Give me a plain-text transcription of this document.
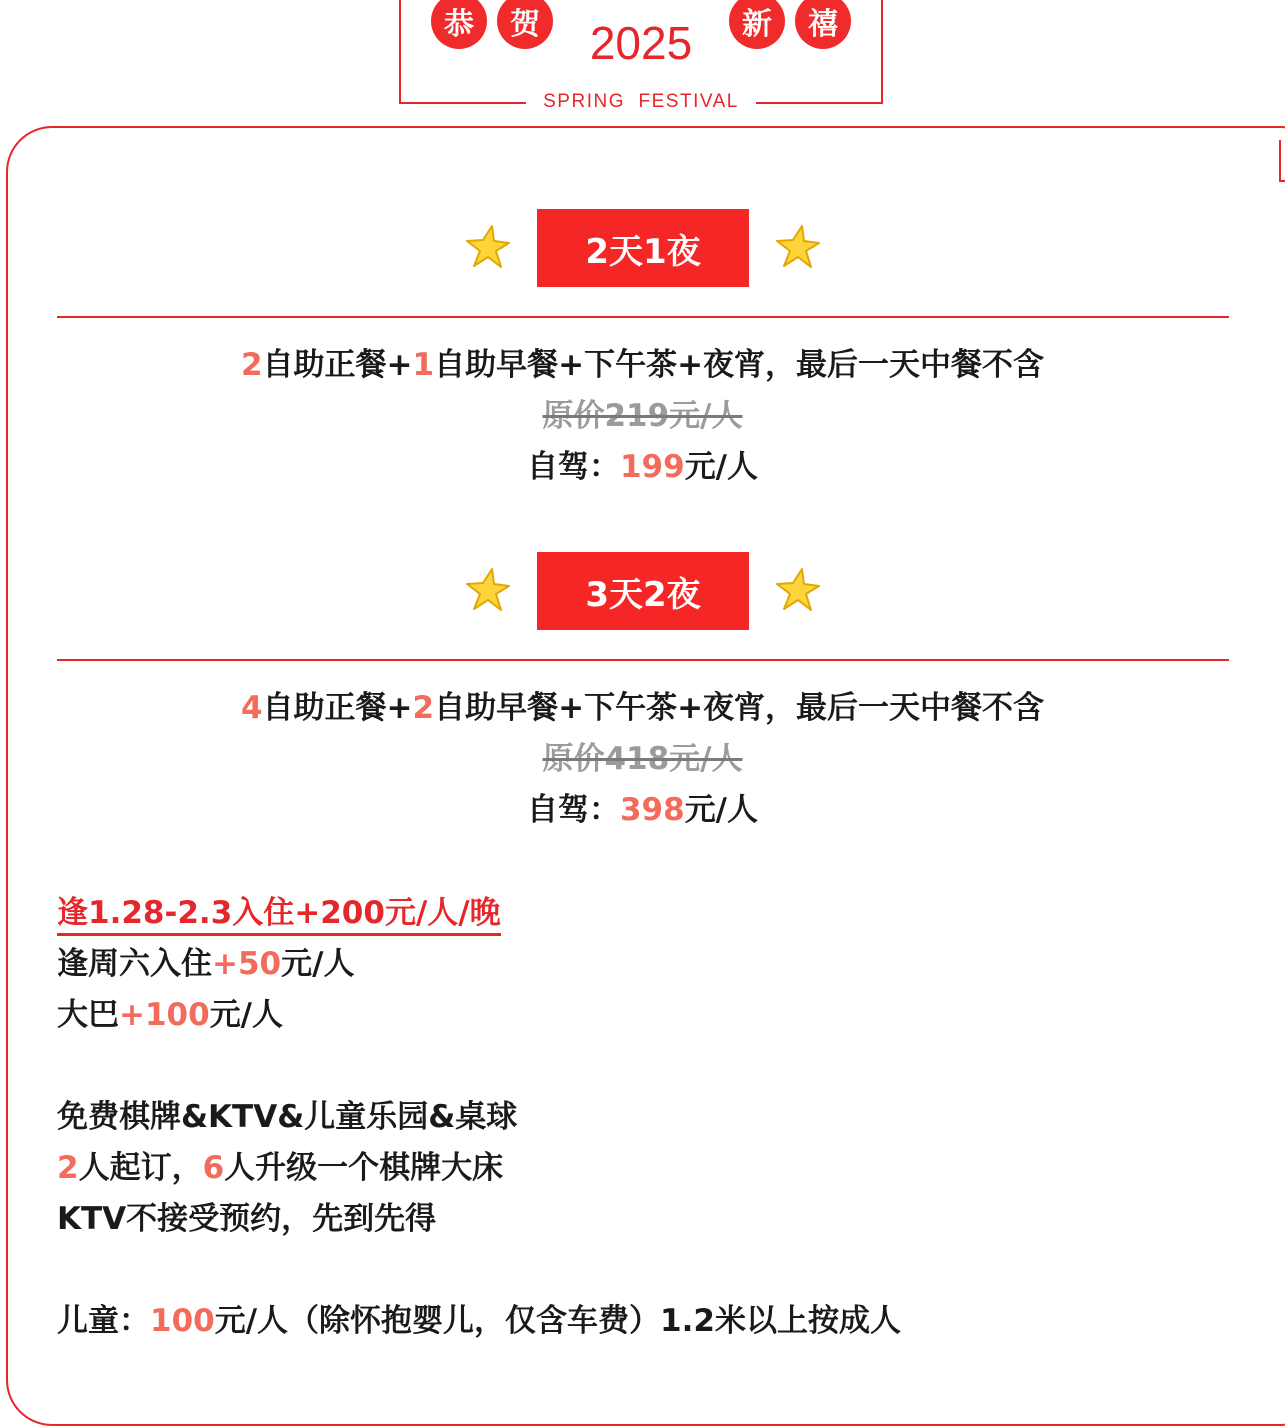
恭	贺	新	禧
2025
SPRING  FESTIVAL
2天1夜
2自助正餐+1自助早餐+下午茶+夜宵，最后一天中餐不含
原价219元/人
自驾：199元/人
3天2夜
4自助正餐+2自助早餐+下午茶+夜宵，最后一天中餐不含
原价418元/人
自驾：398元/人
逢1.28-2.3入住+200元/人/晚
逢周六入住+50元/人
大巴+100元/人
免费棋牌&KTV&儿童乐园&桌球
2人起订，6人升级一个棋牌大床
KTV不接受预约，先到先得
儿童：100元/人（除怀抱婴儿，仅含车费）1.2米以上按成人
